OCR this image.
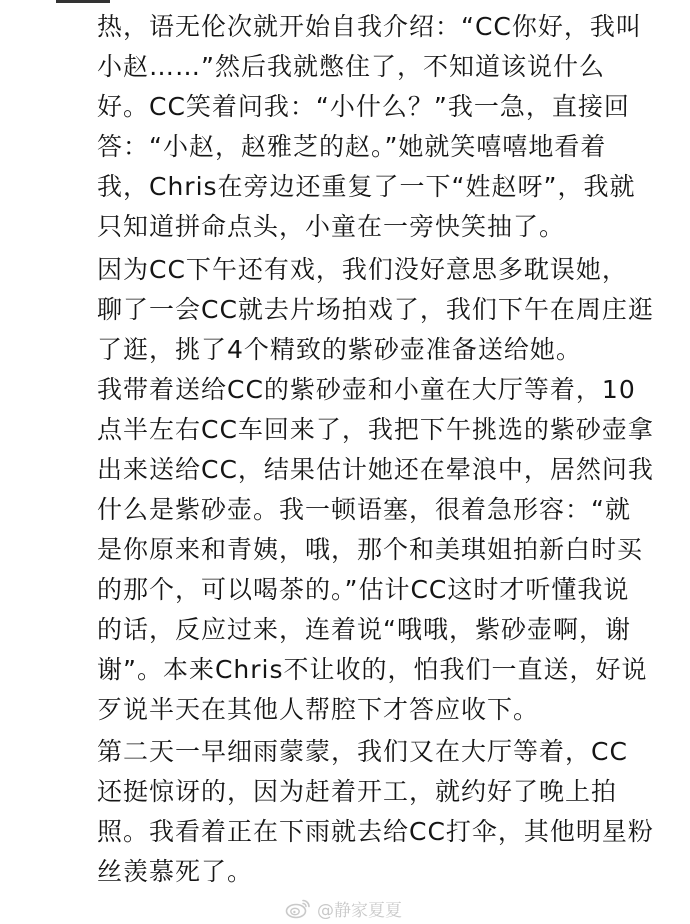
热，语无伦次就开始自我介绍：“CC你好，我叫
小赵……”然后我就憋住了，不知道该说什么
好。CC笑着问我：“小什么？”我一急，直接回
答：“小赵，赵雅芝的赵。”她就笑嘻嘻地看着
我，Chris在旁边还重复了一下“姓赵呀”，我就
只知道拼命点头，小童在一旁快笑抽了。
因为CC下午还有戏，我们没好意思多耽误她，
聊了一会CC就去片场拍戏了，我们下午在周庄逛
了逛，挑了4个精致的紫砂壶准备送给她。
我带着送给CC的紫砂壶和小童在大厅等着，10
点半左右CC车回来了，我把下午挑选的紫砂壶拿
出来送给CC，结果估计她还在晕浪中，居然问我
什么是紫砂壶。我一顿语塞，很着急形容：“就
是你原来和青姨，哦，那个和美琪姐拍新白时买
的那个，可以喝茶的。”估计CC这时才听懂我说
的话，反应过来，连着说“哦哦，紫砂壶啊，谢
谢”。本来Chris不让收的，怕我们一直送，好说
歹说半天在其他人帮腔下才答应收下。
第二天一早细雨蒙蒙，我们又在大厅等着，CC
还挺惊讶的，因为赶着开工，就约好了晚上拍
照。我看着正在下雨就去给CC打伞，其他明星粉
丝羡慕死了。
@静家夏夏
